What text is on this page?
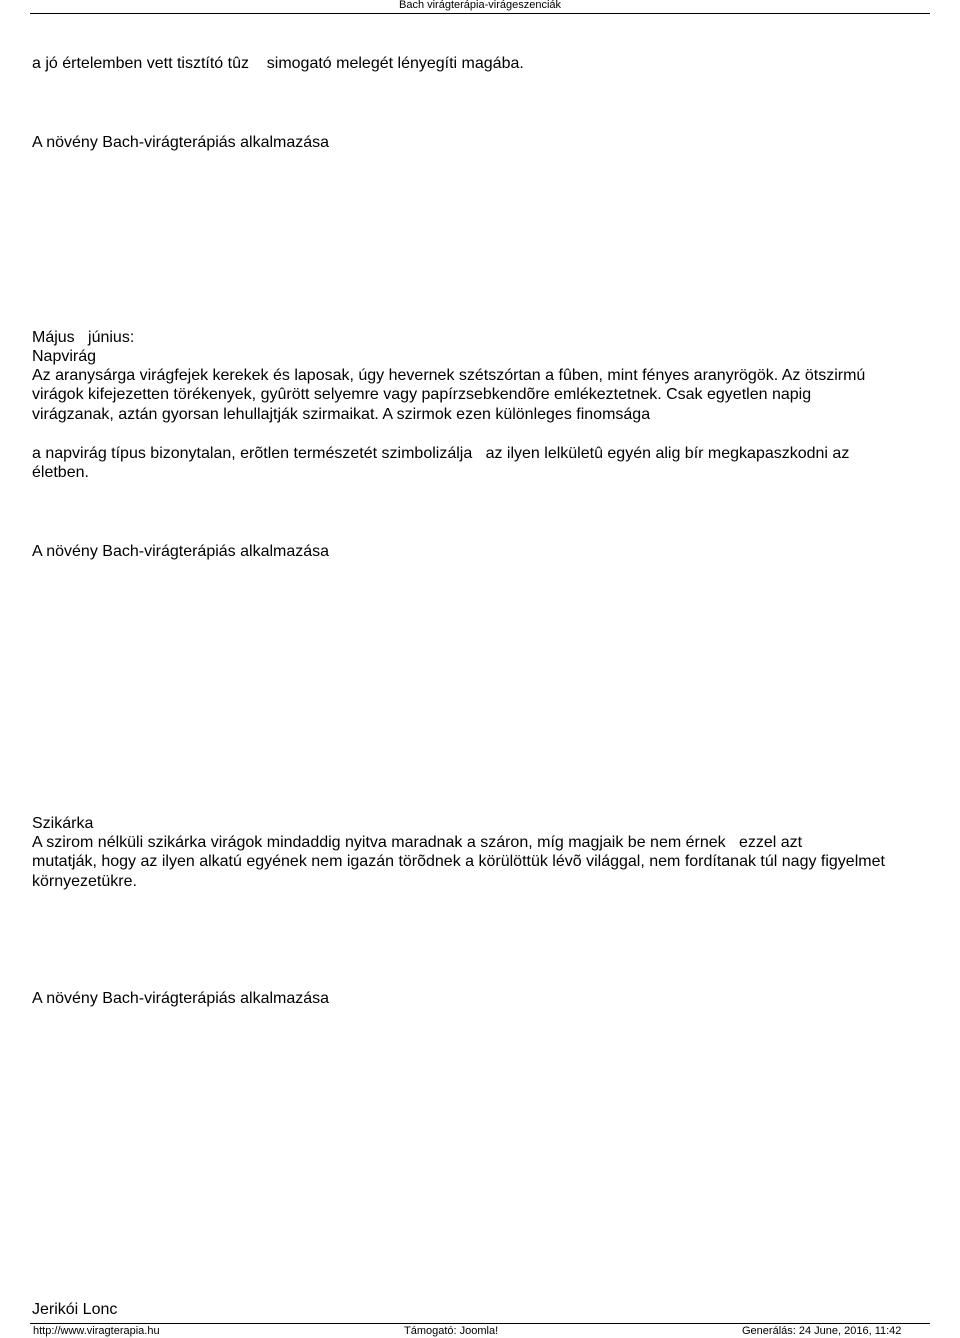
Bach virágterápia-virágeszenciák
a jó értelemben vett tisztító tûz    simogató melegét lényegíti magába.
A növény Bach-virágterápiás alkalmazása
Május   június:
Napvirág
Az aranysárga virágfejek kerekek és laposak, úgy hevernek szétszórtan a fûben, mint fényes aranyrögök. Az ötszirmú
virágok kifejezetten törékenyek, gyûrött selyemre vagy papírzsebkendõre emlékeztetnek. Csak egyetlen napig
virágzanak, aztán gyorsan lehullajtják szirmaikat. A szirmok ezen különleges finomsága
a napvirág típus bizonytalan, erõtlen természetét szimbolizálja   az ilyen lelkületû egyén alig bír megkapaszkodni az
életben.
A növény Bach-virágterápiás alkalmazása
Szikárka
A szirom nélküli szikárka virágok mindaddig nyitva maradnak a száron, míg magjaik be nem érnek   ezzel azt
mutatják, hogy az ilyen alkatú egyének nem igazán törõdnek a körülöttük lévõ világgal, nem fordítanak túl nagy figyelmet
környezetükre.
A növény Bach-virágterápiás alkalmazása
Jerikói Lonc
http://www.viragterapia.hu	Támogató: Joomla!	Generálás: 24 June, 2016, 11:42
